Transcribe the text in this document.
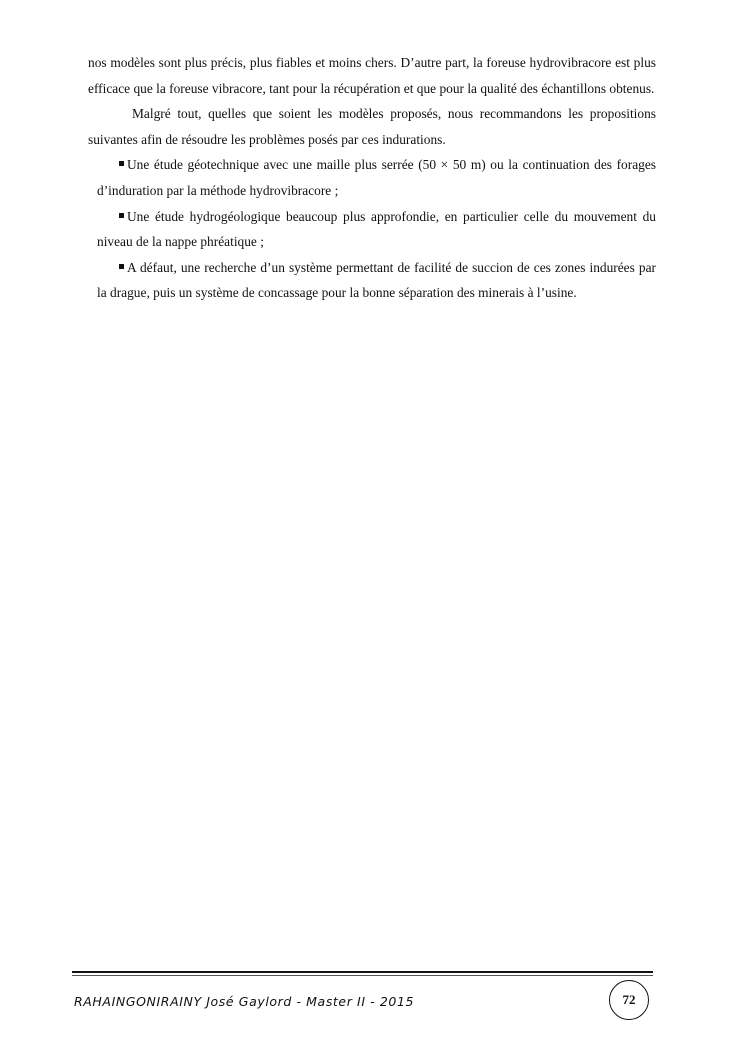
nos modèles sont plus précis, plus fiables et moins chers. D’autre part, la foreuse hydrovibracore est plus efficace que la foreuse vibracore, tant pour la récupération et que pour la qualité des échantillons obtenus.

Malgré tout, quelles que soient les modèles proposés, nous recommandons les propositions suivantes afin de résoudre les problèmes posés par ces indurations.

Une étude géotechnique avec une maille plus serrée (50 × 50 m) ou la continuation des forages d’induration par la méthode hydrovibracore ;

Une étude hydrogéologique beaucoup plus approfondie, en particulier celle du mouvement du niveau de la nappe phréatique ;

A défaut, une recherche d’un système permettant de facilité de succion de ces zones indurées par la drague, puis un système de concassage pour la bonne séparation des minerais à l’usine.

RAHAINGONIRAINY José Gaylord - Master II - 2015	72
